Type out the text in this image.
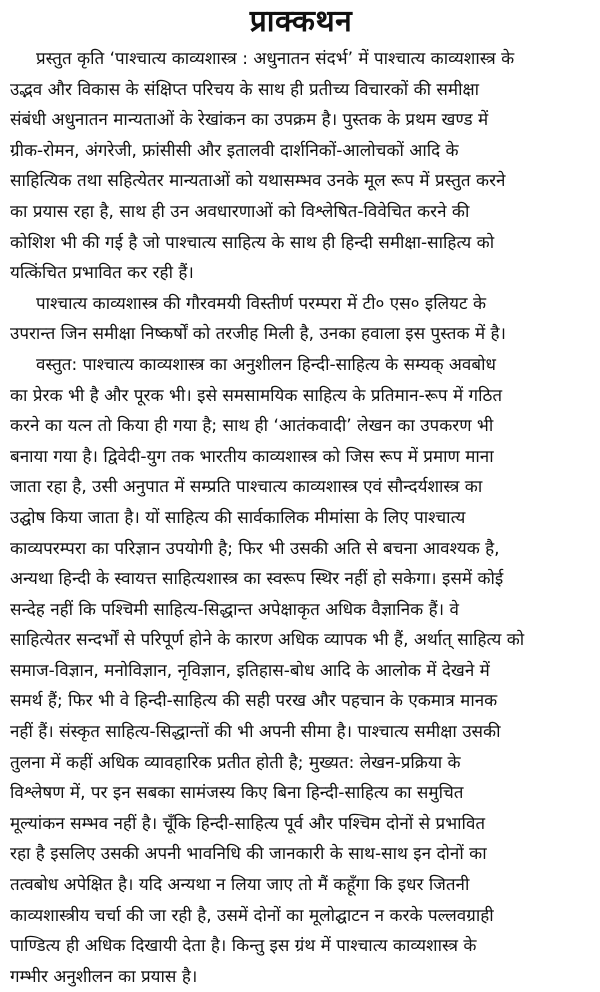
प्राक्कथन
प्रस्तुत कृति ‘पाश्चात्य काव्यशास्त्र : अधुनातन संदर्भ’ में पाश्चात्य काव्यशास्त्र के
उद्भव और विकास के संक्षिप्त परिचय के साथ ही प्रतीच्य विचारकों की समीक्षा
संबंधी अधुनातन मान्यताओं के रेखांकन का उपक्रम है। पुस्तक के प्रथम खण्ड में
ग्रीक-रोमन, अंगरेजी, फ्रांसीसी और इतालवी दार्शनिकों-आलोचकों आदि के
साहित्यिक तथा सहित्येतर मान्यताओं को यथासम्भव उनके मूल रूप में प्रस्तुत करने
का प्रयास रहा है, साथ ही उन अवधारणाओं को विश्लेषित-विवेचित करने की
कोशिश भी की गई है जो पाश्चात्य साहित्य के साथ ही हिन्दी समीक्षा-साहित्य को
यत्किंचित प्रभावित कर रही हैं।
पाश्चात्य काव्यशास्त्र की गौरवमयी विस्तीर्ण परम्परा में टी० एस० इलियट के
उपरान्त जिन समीक्षा निष्कर्षों को तरजीह मिली है, उनका हवाला इस पुस्तक में है।
वस्तुत: पाश्चात्य काव्यशास्त्र का अनुशीलन हिन्दी-साहित्य के सम्यक् अवबोध
का प्रेरक भी है और पूरक भी। इसे समसामयिक साहित्य के प्रतिमान-रूप में गठित
करने का यत्न तो किया ही गया है; साथ ही ‘आतंकवादी’ लेखन का उपकरण भी
बनाया गया है। द्विवेदी-युग तक भारतीय काव्यशास्त्र को जिस रूप में प्रमाण माना
जाता रहा है, उसी अनुपात में सम्प्रति पाश्चात्य काव्यशास्त्र एवं सौन्दर्यशास्त्र का
उद्घोष किया जाता है। यों साहित्य की सार्वकालिक मीमांसा के लिए पाश्चात्य
काव्यपरम्परा का परिज्ञान उपयोगी है; फिर भी उसकी अति से बचना आवश्यक है,
अन्यथा हिन्दी के स्वायत्त साहित्यशास्त्र का स्वरूप स्थिर नहीं हो सकेगा। इसमें कोई
सन्देह नहीं कि पश्चिमी साहित्य-सिद्धान्त अपेक्षाकृत अधिक वैज्ञानिक हैं। वे
साहित्येतर सन्दर्भों से परिपूर्ण होने के कारण अधिक व्यापक भी हैं, अर्थात् साहित्य को
समाज-विज्ञान, मनोविज्ञान, नृविज्ञान, इतिहास-बोध आदि के आलोक में देखने में
समर्थ हैं; फिर भी वे हिन्दी-साहित्य की सही परख और पहचान के एकमात्र मानक
नहीं हैं। संस्कृत साहित्य-सिद्धान्तों की भी अपनी सीमा है। पाश्चात्य समीक्षा उसकी
तुलना में कहीं अधिक व्यावहारिक प्रतीत होती है; मुख्यत: लेखन-प्रक्रिया के
विश्लेषण में, पर इन सबका सामंजस्य किए बिना हिन्दी-साहित्य का समुचित
मूल्यांकन सम्भव नहीं है। चूँकि हिन्दी-साहित्य पूर्व और पश्चिम दोनों से प्रभावित
रहा है इसलिए उसकी अपनी भावनिधि की जानकारी के साथ-साथ इन दोनों का
तत्वबोध अपेक्षित है। यदि अन्यथा न लिया जाए तो मैं कहूँगा कि इधर जितनी
काव्यशास्त्रीय चर्चा की जा रही है, उसमें दोनों का मूलोद्घाटन न करके पल्लवग्राही
पाण्डित्य ही अधिक दिखायी देता है। किन्तु इस ग्रंथ में पाश्चात्य काव्यशास्त्र के
गम्भीर अनुशीलन का प्रयास है।
